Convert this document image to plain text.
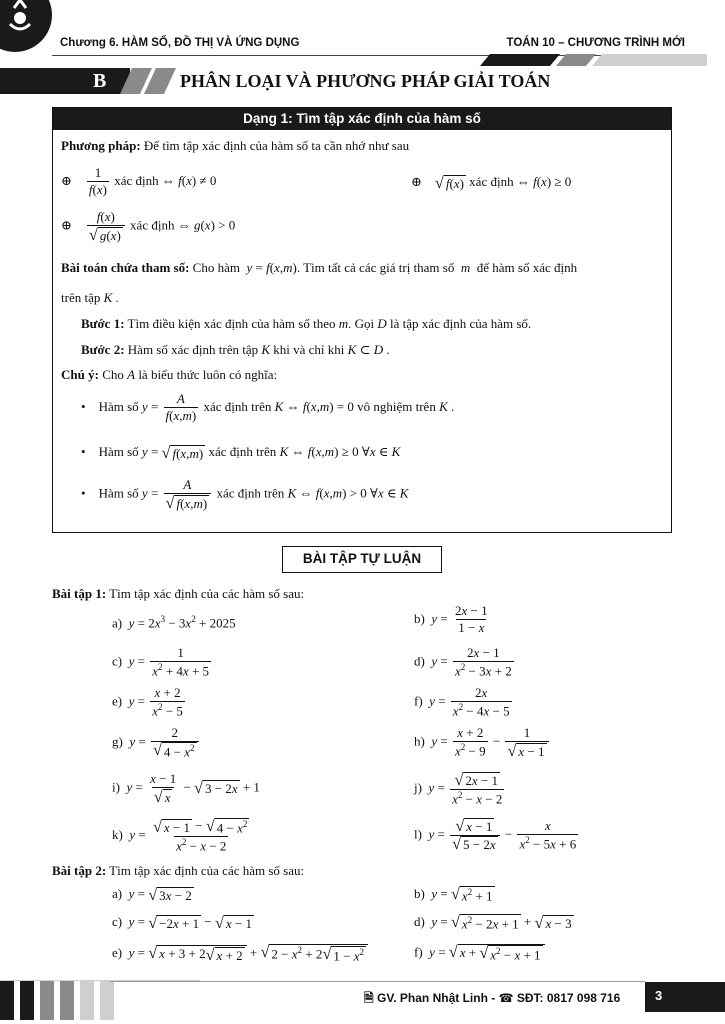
Chương 6. HÀM SỐ, ĐỒ THỊ VÀ ỨNG DỤNG	TOÁN 10 – CHƯƠNG TRÌNH MỚI
B	PHÂN LOẠI VÀ PHƯƠNG PHÁP GIẢI TOÁN
Dạng 1: Tìm tập xác định của hàm số
Phương pháp: Để tìm tập xác định của hàm số ta cần nhớ như sau
⊕ $\frac{1}{f(x)}$ xác định ⇔ f(x) ≠ 0	⊕ √ f(x) xác định ⇔ f(x) ≥ 0
⊕ $\frac{f(x)}{√ g(x)}$ xác định ⇔ g(x) > 0
Bài toán chứa tham số: Cho hàm y = f(x,m). Tìm tất cả các giá trị tham số m để hàm số xác định
trên tập K .
Bước 1: Tìm điều kiện xác định của hàm số theo m. Gọi D là tập xác định của hàm số.
Bước 2: Hàm số xác định trên tập K khi và chỉ khi K ⊂ D .
Chú ý: Cho A là biểu thức luôn có nghĩa:
• Hàm số $y = \frac{A}{f(x,m)}$ xác định trên K ⇔ f(x,m) = 0 vô nghiệm trên K .
• Hàm số y = √ f(x,m) xác định trên K ⇔ f(x,m) ≥ 0 ∀x ∈ K
• Hàm số $y = \frac{A}{√ f(x,m)}$ xác định trên K ⇔ f(x,m) > 0 ∀x ∈ K
BÀI TẬP TỰ LUẬN
Bài tập 1: Tìm tập xác định của các hàm số sau:
a)  $y = 2x^3 - 3x^2 + 2025$	b)  $y = \frac{2x - 1}{1 - x}$
c)  $y = \frac{1}{x^2 + 4x + 5}$	d)  $y = \frac{2x - 1}{x^2 - 3x + 2}$
e)  $y = \frac{x + 2}{x^2 - 5}$	f)  $y = \frac{2x}{x^2 - 4x - 5}$
g)  $y = \frac{2}{√ 4 - x^2}$	h)  $y = \frac{x + 2}{x^2 - 9} - \frac{1}{√ x - 1}$
i)  $y = \frac{x - 1}{√ x}$ − √ 3 − 2x + 1	j)  $y = \frac{√ 2x - 1}{x^2 - x - 2}$
k)  $y = \frac{√ x - 1 - √ 4 - x^2}{x^2 - x - 2}$	l)  $y = \frac{√ x - 1}{√ 5 - 2x} - \frac{x}{x^2 - 5x + 6}$
Bài tập 2: Tìm tập xác định của các hàm số sau:
a)  y = √ 3x − 2	b)  y = √ $x^2 + 1$
c)  y = √ −2x + 1 − √ x − 1	d)  y = √ $x^2 - 2x + 1$ + √ x − 3
e)  y = √ x + 3 + 2 √ x + 2 + √ $2 - x^2 + 2$ √ $1 - x^2$	f)  y = √ x + √ $x^2 - x + 1$
🗎 GV. Phan Nhật Linh - ☎ SĐT: 0817 098 716	3
